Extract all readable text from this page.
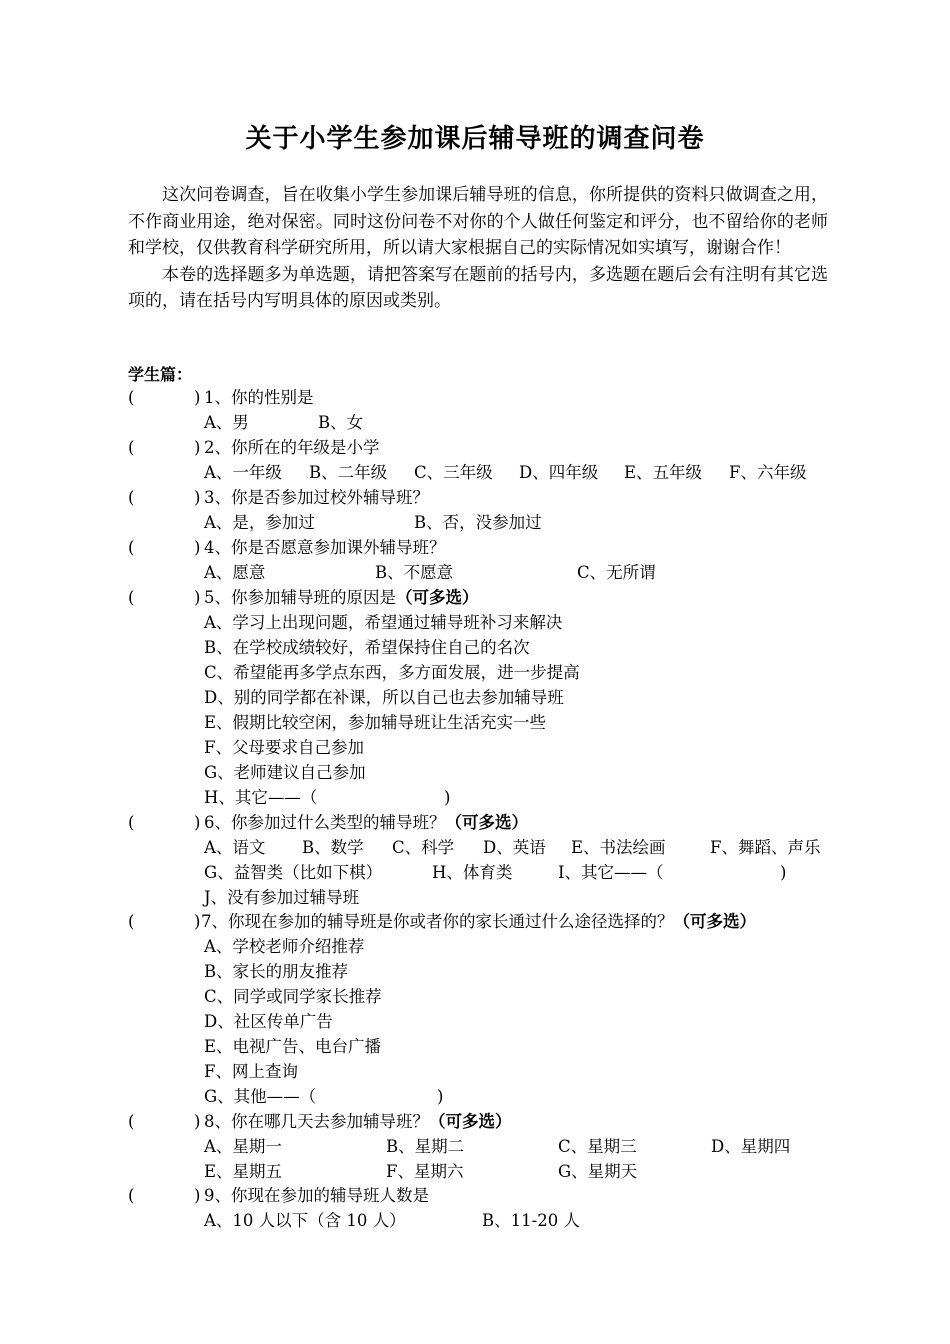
关于小学生参加课后辅导班的调查问卷

这次问卷调查，旨在收集小学生参加课后辅导班的信息，你所提供的资料只做调查之用，不作商业用途，绝对保密。同时这份问卷不对你的个人做任何鉴定和评分，也不留给你的老师和学校，仅供教育科学研究所用，所以请大家根据自己的实际情况如实填写，谢谢合作！

本卷的选择题多为单选题，请把答案写在题前的括号内，多选题在题后会有注明有其它选项的，请在括号内写明具体的原因或类别。

学生篇：
(	) 1、你的性别是
A、男	B、女
(	) 2、你所在的年级是小学
A、一年级 B、二年级 C、三年级 D、四年级 E、五年级 F、六年级
(	) 3、你是否参加过校外辅导班？
A、是，参加过	B、否，没参加过
(	) 4、你是否愿意参加课外辅导班？
A、愿意	B、不愿意	C、无所谓
(	) 5、你参加辅导班的原因是（可多选）
A、学习上出现问题，希望通过辅导班补习来解决
B、在学校成绩较好，希望保持住自己的名次
C、希望能再多学点东西，多方面发展，进一步提高
D、别的同学都在补课，所以自己也去参加辅导班
E、假期比较空闲，参加辅导班让生活充实一些
F、父母要求自己参加
G、老师建议自己参加
H、其它——（	)
(	) 6、你参加过什么类型的辅导班？（可多选）
A、语文 B、数学 C、科学 D、英语 E、书法绘画	F、舞蹈、声乐
G、益智类（比如下棋）	H、体育类	I、其它——（	)
J、没有参加过辅导班
(	) 7、你现在参加的辅导班是你或者你的家长通过什么途径选择的？（可多选）
A、学校老师介绍推荐
B、家长的朋友推荐
C、同学或同学家长推荐
D、社区传单广告
E、电视广告、电台广播
F、网上查询
G、其他——（	)
(	) 8、你在哪几天去参加辅导班？（可多选）
A、星期一	B、星期二	C、星期三	D、星期四
E、星期五	F、星期六	G、星期天
(	) 9、你现在参加的辅导班人数是
A、10 人以下（含 10 人）	B、11-20 人
